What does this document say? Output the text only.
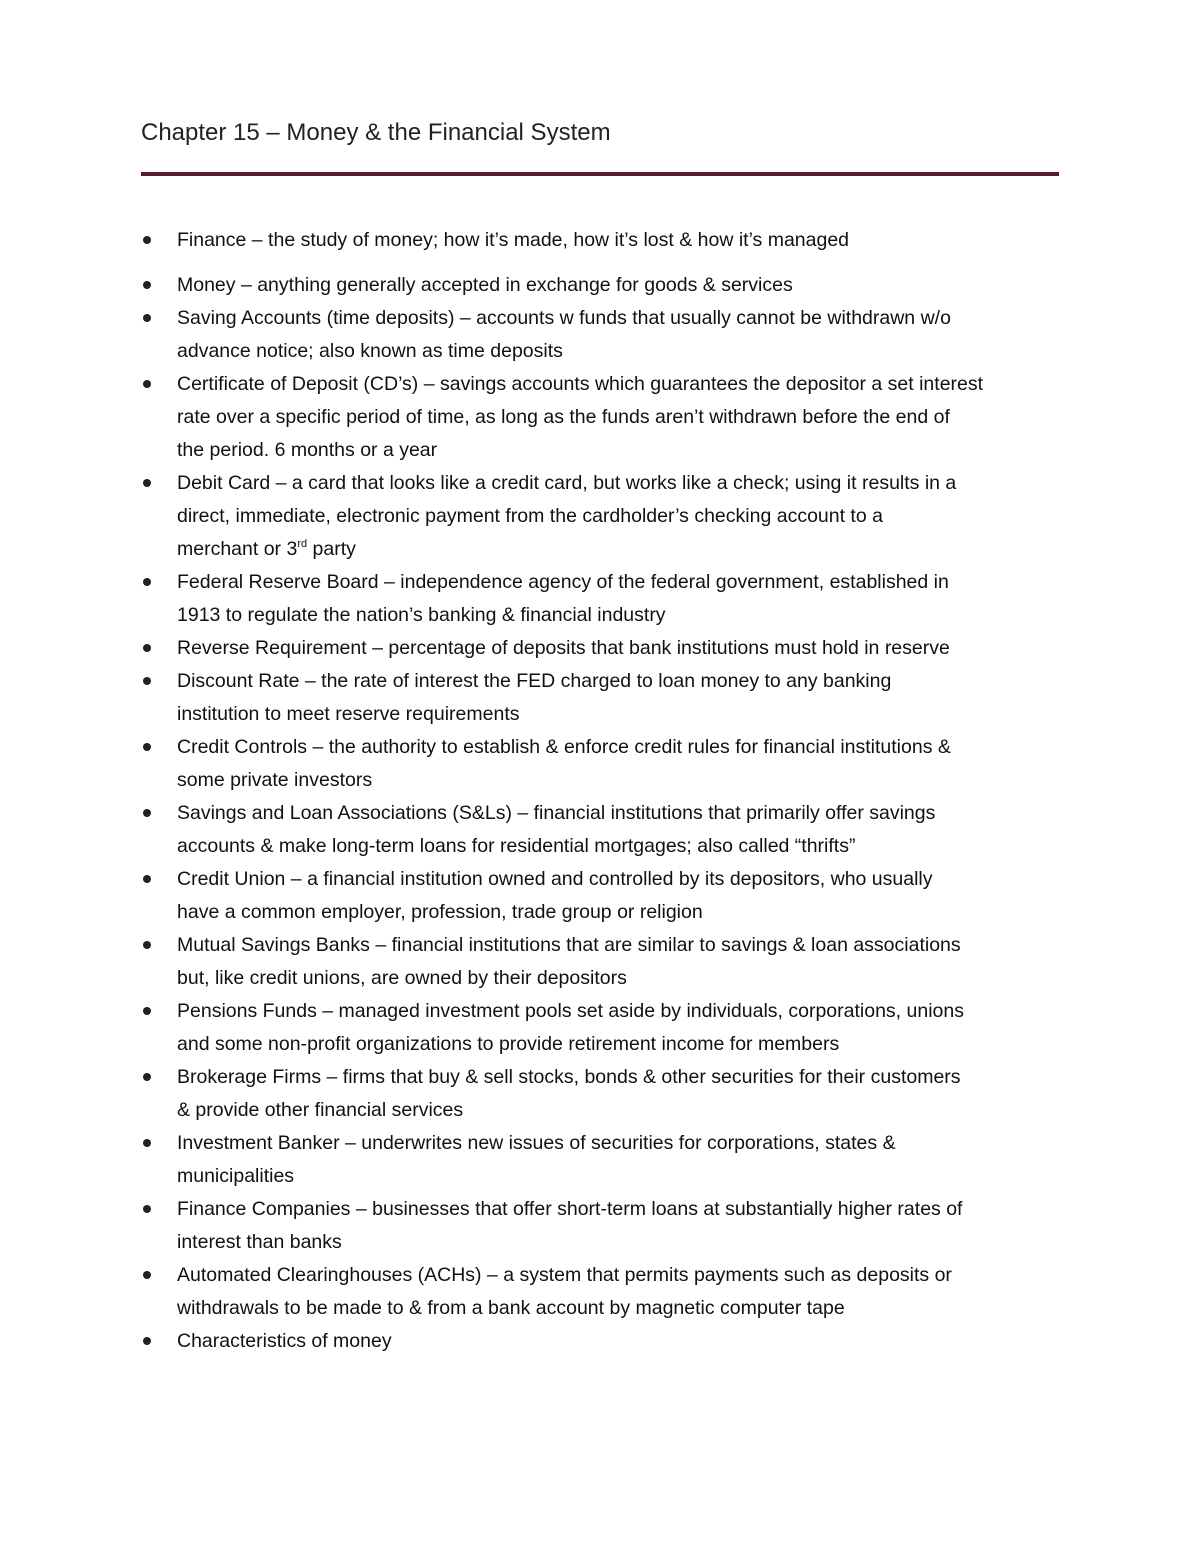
Chapter 15 – Money & the Financial System
Finance – the study of money; how it’s made, how it’s lost & how it’s managed
Money – anything generally accepted in exchange for goods & services
Saving Accounts (time deposits) – accounts w funds that usually cannot be withdrawn w/o
advance notice; also known as time deposits
Certificate of Deposit (CD’s) – savings accounts which guarantees the depositor a set interest
rate over a specific period of time, as long as the funds aren’t withdrawn before the end of
the period. 6 months or a year
Debit Card – a card that looks like a credit card, but works like a check; using it results in a
direct, immediate, electronic payment from the cardholder’s checking account to a
merchant or 3rd party
Federal Reserve Board – independence agency of the federal government, established in
1913 to regulate the nation’s banking & financial industry
Reverse Requirement – percentage of deposits that bank institutions must hold in reserve
Discount Rate – the rate of interest the FED charged to loan money to any banking
institution to meet reserve requirements
Credit Controls – the authority to establish & enforce credit rules for financial institutions &
some private investors
Savings and Loan Associations (S&Ls) – financial institutions that primarily offer savings
accounts & make long-term loans for residential mortgages; also called “thrifts”
Credit Union – a financial institution owned and controlled by its depositors, who usually
have a common employer, profession, trade group or religion
Mutual Savings Banks – financial institutions that are similar to savings & loan associations
but, like credit unions, are owned by their depositors
Pensions Funds – managed investment pools set aside by individuals, corporations, unions
and some non-profit organizations to provide retirement income for members
Brokerage Firms – firms that buy & sell stocks, bonds & other securities for their customers
& provide other financial services
Investment Banker – underwrites new issues of securities for corporations, states &
municipalities
Finance Companies – businesses that offer short-term loans at substantially higher rates of
interest than banks
Automated Clearinghouses (ACHs) – a system that permits payments such as deposits or
withdrawals to be made to & from a bank account by magnetic computer tape
Characteristics of money
